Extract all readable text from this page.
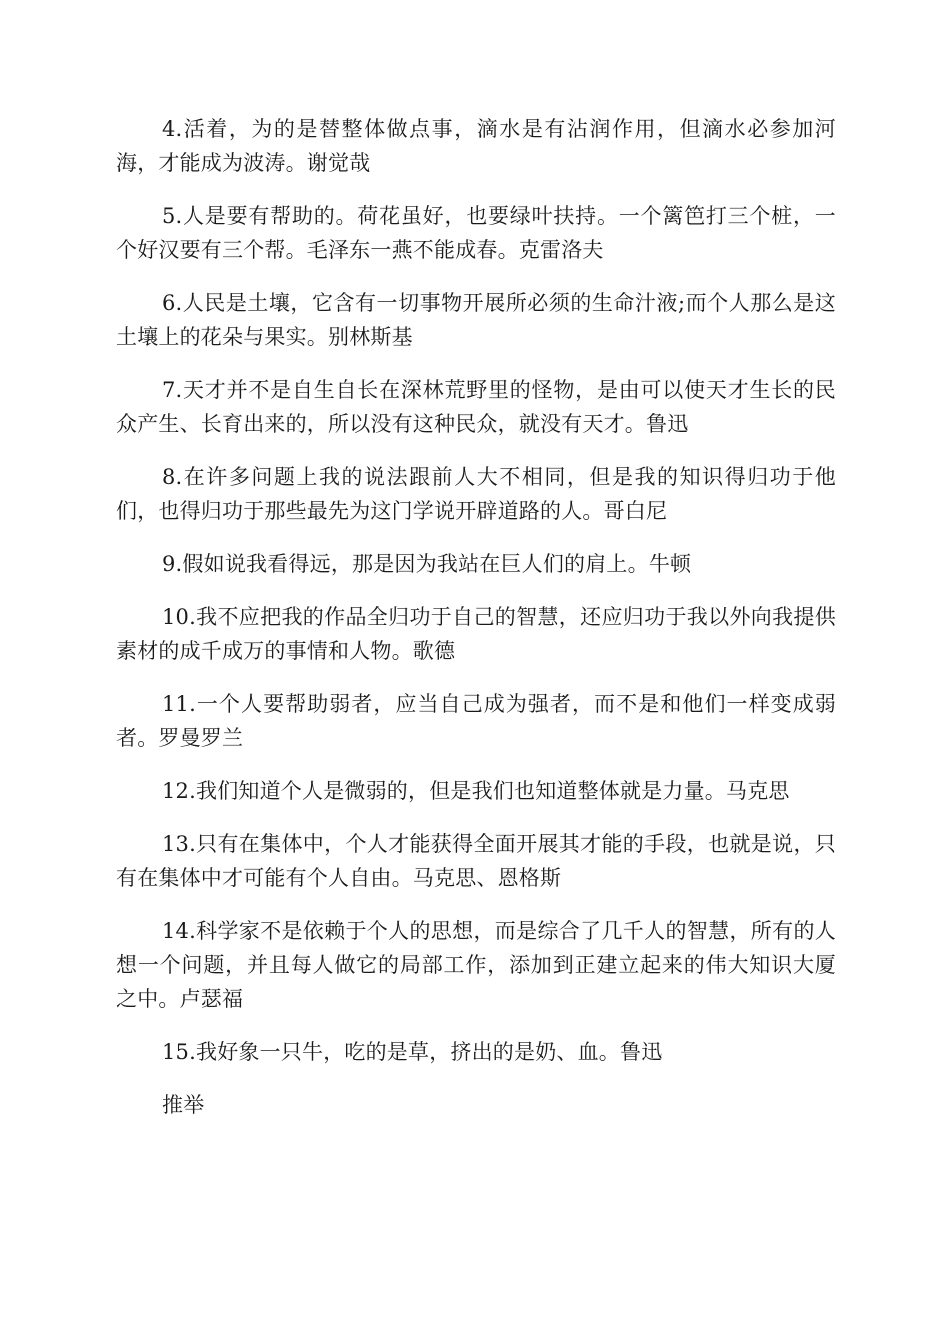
4.活着，为的是替整体做点事，滴水是有沾润作用，但滴水必参加河海，才能成为波涛。谢觉哉

5.人是要有帮助的。荷花虽好，也要绿叶扶持。一个篱笆打三个桩，一个好汉要有三个帮。毛泽东一燕不能成春。克雷洛夫

6.人民是土壤，它含有一切事物开展所必须的生命汁液;而个人那么是这土壤上的花朵与果实。别林斯基

7.天才并不是自生自长在深林荒野里的怪物，是由可以使天才生长的民众产生、长育出来的，所以没有这种民众，就没有天才。鲁迅

8.在许多问题上我的说法跟前人大不相同，但是我的知识得归功于他们，也得归功于那些最先为这门学说开辟道路的人。哥白尼

9.假如说我看得远，那是因为我站在巨人们的肩上。牛顿

10.我不应把我的作品全归功于自己的智慧，还应归功于我以外向我提供素材的成千成万的事情和人物。歌德

11.一个人要帮助弱者，应当自己成为强者，而不是和他们一样变成弱者。罗曼罗兰

12.我们知道个人是微弱的，但是我们也知道整体就是力量。马克思

13.只有在集体中，个人才能获得全面开展其才能的手段，也就是说，只有在集体中才可能有个人自由。马克思、恩格斯

14.科学家不是依赖于个人的思想，而是综合了几千人的智慧，所有的人想一个问题，并且每人做它的局部工作，添加到正建立起来的伟大知识大厦之中。卢瑟福

15.我好象一只牛，吃的是草，挤出的是奶、血。鲁迅

推举
